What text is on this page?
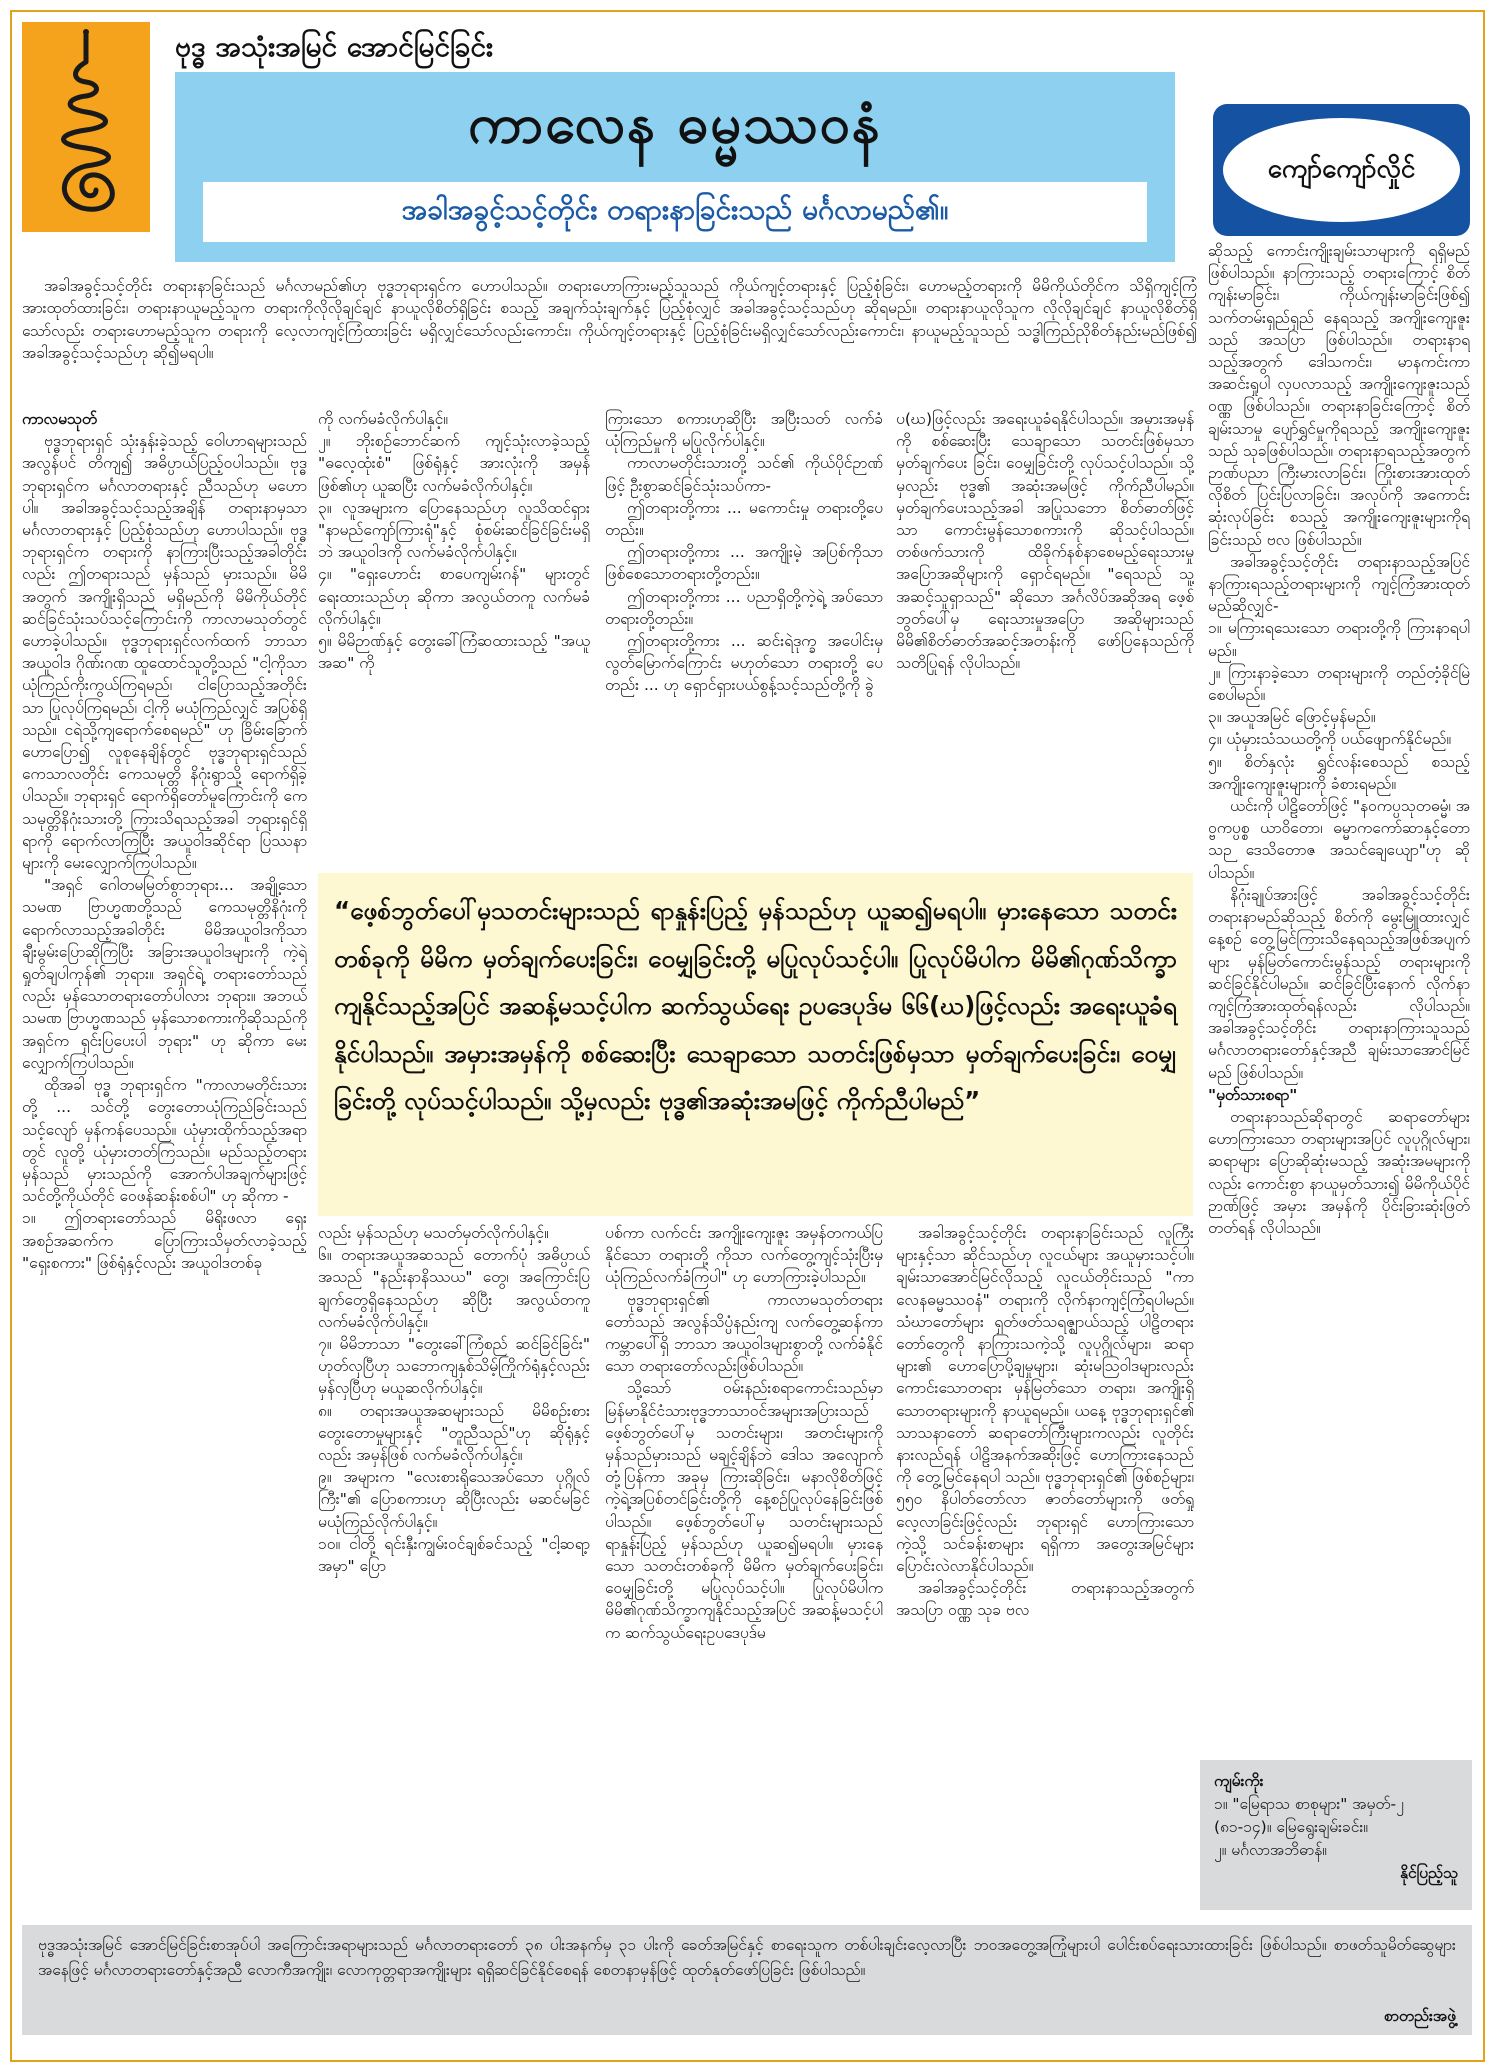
ဗုဒ္ဓ အသုံးအမြင် အောင်မြင်ခြင်း
ကာလေန ဓမ္မဿဝနံ
အခါအခွင့်သင့်တိုင်း တရားနာခြင်းသည် မင်္ဂလာမည်၏။
ကျော်ကျော်လှိုင်

အခါအခွင့်သင့်တိုင်း တရားနာခြင်းသည် မင်္ဂလာမည်၏ဟု ဗုဒ္ဓဘုရားရှင်က ဟောပါသည်။ တရားဟောကြားမည့်သူသည် ကိုယ်ကျင့်တရားနှင့် ပြည့်စုံခြင်း၊ ဟောမည့်တရားကို မိမိကိုယ်တိုင်က သိရှိကျင့်ကြံအားထုတ်ထားခြင်း၊ တရားနာယူမည့်သူက တရားကိုလိုလိုချင်ချင် နာယူလိုစိတ်ရှိခြင်း စသည့် အချက်သုံးချက်နှင့် ပြည့်စုံလျှင် အခါအခွင့်သင့်သည်ဟု ဆိုရမည်။ တရားနာယူလိုသူက လိုလိုချင်ချင် နာယူလိုစိတ်ရှိသော်လည်း တရားဟောမည့်သူက တရားကို လေ့လာကျင့်ကြံထားခြင်း မရှိလျှင်သော်လည်းကောင်း၊ ကိုယ်ကျင့်တရားနှင့် ပြည့်စုံခြင်းမရှိလျှင်သော်လည်းကောင်း၊ နာယူမည့်သူသည် သဒ္ဓါကြည်ညိုစိတ်နည်းမည်ဖြစ်၍ အခါအခွင့်သင့်သည်ဟု ဆို၍မရပါ။

ကာလမသုတ်

ဗုဒ္ဓဘုရားရှင် သုံးနှန်းခဲ့သည့် ဝေါဟာရများသည် အလွန်ပင် တိကျ၍ အဓိပ္ပာယ်ပြည့်ဝပါသည်။ ဗုဒ္ဓဘုရားရှင်က မင်္ဂလာတရားနှင့် ညီသည်ဟု မဟောပါ။ အခါအခွင့်သင့်သည့်အချိန် တရားနာမှသာ မင်္ဂလာတရားနှင့် ပြည့်စုံသည်ဟု ဟောပါသည်။ ဗုဒ္ဓဘုရားရှင်က တရားကို နာကြားပြီးသည့်အခါတိုင်းလည်း ဤတရားသည် မှန်သည် မှားသည်။ မိမိအတွက် အကျိုးရှိသည် မရှိမည်ကို မိမိကိုယ်တိုင် ဆင်ခြင်သုံးသပ်သင့်ကြောင်းကို ကာလာမသုတ်တွင် ဟောခဲ့ပါသည်။ ဗုဒ္ဓဘုရားရှင်လက်ထက် ဘာသာအယူဝါဒ ဂိုဏ်းဂဏ ထူထောင်သူတို့သည် "ငါ့ကိုသာ ယုံကြည်ကိုးကွယ်ကြရမည်၊ ငါပြောသည့်အတိုင်းသာ ပြုလုပ်ကြရမည်၊ ငါ့ကို မယုံကြည်လျှင် အပြစ်ရှိသည်။ ငရဲသို့ကျရောက်စေရမည်" ဟု ခြိမ်းခြောက် ဟောပြော၍ လူစုနေချိန်တွင် ဗုဒ္ဓဘုရားရှင်သည် ကေသာလတိုင်း ကေသမုတ္တိ နိဂုံးရွာသို့ ရောက်ရှိခဲ့ပါသည်။ ဘုရားရှင် ရောက်ရှိတော်မူကြောင်းကို ကေသမုတ္တိနိဂုံးသားတို့ ကြားသိရသည့်အခါ ဘုရားရှင်ရှိရာကို ရောက်လာကြပြီး အယူဝါဒဆိုင်ရာ ပြဿနာများကို မေးလျှောက်ကြပါသည်။

"အရှင် ဂေါတမမြတ်စွာဘုရား... အချို့သော သမဏ ဗြာဟ္မဏတို့သည် ကေသမုတ္တိနိဂုံးကို ရောက်လာသည့်အခါတိုင်း မိမိအယူဝါဒကိုသာ ချီးမွမ်းပြောဆိုကြပြီး အခြားအယူဝါဒများကို ကဲ့ရဲ့ရှုတ်ချပါကုန်၏ ဘုရား။ အရှင်ရဲ့ တရားတော်သည်လည်း မှန်သောတရားတော်ပါလား ဘုရား။ အဘယ် သမဏ ဗြာဟ္မဏသည် မှန်သောစကားကိုဆိုသည်ကို အရှင်က ရှင်းပြပေးပါ ဘုရား" ဟု ဆိုကာ မေးလျှောက်ကြပါသည်။

ထိုအခါ ဗုဒ္ဓ ဘုရားရှင်က "ကာလာမတိုင်းသားတို့ ... သင်တို့ တွေးတောယုံကြည်ခြင်းသည် သင့်လျော် မှန်ကန်ပေသည်။ ယုံမှားထိုက်သည့်အရာတွင် လူတို့ ယုံမှားတတ်ကြသည်။ မည်သည့်တရား မှန်သည် မှားသည်ကို အောက်ပါအချက်များဖြင့် သင်တို့ကိုယ်တိုင် ဝေဖန်ဆန်းစစ်ပါ" ဟု ဆိုကာ -

၁။ ဤတရားတော်သည် မိရိုးဖလာ ရှေးအစဉ်အဆက်က ပြောကြားသိမှတ်လာခဲ့သည့် "ရှေးစကား" ဖြစ်ရုံနှင့်လည်း အယူဝါဒတစ်ခု

ကို လက်မခံလိုက်ပါနှင့်။

၂။ ဘိုးစဉ်ဘောင်ဆက် ကျင့်သုံးလာခဲ့သည့် "ဓလေ့ထုံးစံ" ဖြစ်ရုံနှင့် အားလုံးကို အမှန်ဖြစ်၏ဟု ယူဆပြီး လက်မခံလိုက်ပါနှင့်။

၃။ လူအများက ပြောနေသည်ဟု လူသိထင်ရှား "နာမည်ကျော်ကြားရုံ"နှင့် စုံစမ်းဆင်ခြင်ခြင်းမရှိဘဲ အယူဝါဒကို လက်မခံလိုက်ပါနှင့်။

၄။ "ရှေးဟောင်း စာပေကျမ်းဂန်" များတွင် ရေးထားသည်ဟု ဆိုကာ အလွယ်တကူ လက်မခံလိုက်ပါနှင့်။

၅။ မိမိဉာဏ်နှင့် တွေးခေါ်ကြံဆထားသည့် "အယူအဆ" ကို

ကြားသော စကားဟုဆိုပြီး အပြီးသတ် လက်ခံယုံကြည်မှုကို မပြုလိုက်ပါနှင့်။

ကာလာမတိုင်းသားတို့ သင်၏ ကိုယ်ပိုင်ဉာဏ်ဖြင့် ဦးစွာဆင်ခြင်သုံးသပ်ကာ-

ဤတရားတို့ကား ... မကောင်းမှု တရားတို့ပေတည်း။

ဤတရားတို့ကား ... အကျိုးမဲ့ အပြစ်ကိုသာ ဖြစ်စေသောတရားတို့တည်း။

ဤတရားတို့ကား ... ပညာရှိတို့ကဲ့ရဲ့ အပ်သော တရားတို့တည်း။

ဤတရားတို့ကား ... ဆင်းရဲဒုက္ခ အပေါင်းမှ လွတ်မြောက်ကြောင်း မဟုတ်သော တရားတို့ ပေတည်း ... ဟု ရှောင်ရှားပယ်စွန့်သင့်သည်တို့ကို ခွဲ

ပ(ဃ)ဖြင့်လည်း အရေးယူခံရနိုင်ပါသည်။ အမှားအမှန်ကို စစ်ဆေးပြီး သေချာသော သတင်းဖြစ်မှသာ မှတ်ချက်ပေး ခြင်း၊ ဝေမျှခြင်းတို့ လုပ်သင့်ပါသည်။ သို့မှလည်း ဗုဒ္ဓ၏ အဆုံးအမဖြင့် ကိုက်ညီပါမည်။ မှတ်ချက်ပေးသည့်အခါ အပြုသဘော စိတ်ဓာတ်ဖြင့်သာ ကောင်းမွန်သောစကားကို ဆိုသင့်ပါသည်။ တစ်ဖက်သားကို ထိခိုက်နစ်နာစေမည့်ရေးသားမှု အပြောအဆိုများကို ရှောင်ရမည်။ "ရေသည် သူ့အဆင့်သူရှာသည်" ဆိုသော အင်္ဂလိပ်အဆိုအရ ဖေ့စ်ဘွတ်ပေါ်မှ ရေးသားမှုအပြော အဆိုများသည် မိမိ၏စိတ်ဓာတ်အဆင့်အတန်းကို ဖော်ပြနေသည်ကို သတိပြုရန် လိုပါသည်။

ဆိုသည့် ကောင်းကျိုးချမ်းသာများကို ရရှိမည်ဖြစ်ပါသည်။ နာကြားသည့် တရားကြောင့် စိတ်ကျန်းမာခြင်း၊ ကိုယ်ကျန်းမာခြင်းဖြစ်၍ သက်တမ်းရှည်ရှည် နေရသည့် အကျိုးကျေးဇူးသည် အသပြာ ဖြစ်ပါသည်။ တရားနာရသည့်အတွက် ဒေါသကင်း၊ မာနကင်းကာ အဆင်းရှုပါ လှပလာသည့် အကျိုးကျေးဇူးသည် ဝဏ္ဏ ဖြစ်ပါသည်။ တရားနာခြင်းကြောင့် စိတ်ချမ်းသာမှု ပျော်ရွှင်မှုကိုရသည့် အကျိုးကျေးဇူးသည် သုခဖြစ်ပါသည်။ တရားနာရသည့်အတွက် ဉာဏ်ပညာ ကြီးမားလာခြင်း၊ ကြိုးစားအားထုတ်လိုစိတ် ပြင်းပြလာခြင်း၊ အလုပ်ကို အကောင်းဆုံးလုပ်ခြင်း စသည့် အကျိုးကျေးဇူးများကိုရခြင်းသည် ဗလ ဖြစ်ပါသည်။

အခါအခွင့်သင့်တိုင်း တရားနာသည့်အပြင် နာကြားရသည့်တရားများကို ကျင့်ကြံအားထုတ်မည်ဆိုလျှင်-

၁။ မကြားရသေးသော တရားတို့ကို ကြားနာရပါမည်။

၂။ ကြားနာခဲ့သော တရားများကို တည်တံ့ခိုင်မြဲစေပါမည်။

၃။ အယူအမြင် ဖြောင့်မှန်မည်။

၄။ ယုံမှားသံသယတို့ကို ပယ်ဖျောက်နိုင်မည်။

၅။ စိတ်နှလုံး ရွှင်လန်းစေသည် စသည့် အကျိုးကျေးဇူးများကို ခံစားရမည်။

ယင်းကို ပါဠိတော်ဖြင့် "နဝကပ္ပသုတဓမ္မံ၊ အဝ္ဗကပ္ပစ္စ ယာဝိတော၊ ဓမ္မာကကော်ဆာနှင့်တောသဉ ဒေသိတောဇ အသင်ချေယျော"ဟု ဆိုပါသည်။

နိဂုံးချုပ်အားဖြင့် အခါအခွင့်သင့်တိုင်း တရားနာမည်ဆိုသည့် စိတ်ကို မွေးမြူထားလျှင်နေ့စဉ် တွေ့မြင်ကြားသိနေရသည့်အဖြစ်အပျက်များ မှန်မြတ်ကောင်းမွန်သည့် တရားများကို ဆင်ခြင်နိုင်ပါမည်။ ဆင်ခြင်ပြီးနောက် လိုက်နာကျင့်ကြံအားထုတ်ရန်လည်း လိုပါသည်။ အခါအခွင့်သင့်တိုင်း တရားနာကြားသူသည် မင်္ဂလာတရားတော်နှင့်အညီ ချမ်းသာအောင်မြင်မည် ဖြစ်ပါသည်။

"မှတ်သားစရာ"

တရားနာသည်ဆိုရာတွင် ဆရာတော်များဟောကြားသော တရားများအပြင် လူပုဂ္ဂိုလ်များ၊ ဆရာများ ပြောဆိုဆုံးမသည့် အဆုံးအမများကိုလည်း ကောင်းစွာ နာယူမှတ်သား၍ မိမိကိုယ်ပိုင်ဉာဏ်ဖြင့် အမှား အမှန်ကို ပိုင်းခြားဆုံးဖြတ်တတ်ရန် လိုပါသည်။

“ဖေ့စ်ဘွတ်ပေါ်မှသတင်းများသည် ရာနှုန်းပြည့် မှန်သည်ဟု ယူဆ၍မရပါ။ မှားနေသော သတင်းတစ်ခုကို မိမိက မှတ်ချက်ပေးခြင်း၊ ဝေမျှခြင်းတို့ မပြုလုပ်သင့်ပါ။ ပြုလုပ်မိပါက မိမိ၏ဂုဏ်သိက္ခာကျနိုင်သည့်အပြင် အဆန့်မသင့်ပါက ဆက်သွယ်ရေး ဥပဒေပုဒ်မ ၆၆(ဃ)ဖြင့်လည်း အရေးယူခံရနိုင်ပါသည်။ အမှားအမှန်ကို စစ်ဆေးပြီး သေချာသော သတင်းဖြစ်မှသာ မှတ်ချက်ပေးခြင်း၊ ဝေမျှခြင်းတို့ လုပ်သင့်ပါသည်။ သို့မှလည်း ဗုဒ္ဓ၏အဆုံးအမဖြင့် ကိုက်ညီပါမည်”

လည်း မှန်သည်ဟု မသတ်မှတ်လိုက်ပါနှင့်။

၆။ တရားအယူအဆသည် တောက်ပုံ အဓိပ္ပာယ်အသည် "နည်းနာနိဿယ" တွေ၊ အကြောင်းပြချက်တွေရှိနေသည်ဟု ဆိုပြီး အလွယ်တကူ လက်မခံလိုက်ပါနှင့်။

၇။ မိမိဘာသာ "တွေးခေါ်ကြံစည် ဆင်ခြင်ခြင်း" ဟုတ်လှပြီဟု သဘောကျနှစ်သိမ့်ကြိုက်ရုံနှင့်လည်း မှန်လှပြီဟု မယူဆလိုက်ပါနှင့်။

၈။ တရားအယူအဆများသည် မိမိစဉ်းစား တွေးတောမှုများနှင့် "တူညီသည်"ဟု ဆိုရုံနှင့်လည်း အမှန်ဖြစ် လက်မခံလိုက်ပါနှင့်။

၉။ အများက "လေးစားရိုသေအပ်သော ပုဂ္ဂိုလ်ကြီး"၏ ပြောစကားဟု ဆိုပြီးလည်း မဆင်မခြင် မယုံကြည်လိုက်ပါနှင့်။

၁၀။ ငါတို့ ရင်းနှီးကျွမ်းဝင်ချစ်ခင်သည့် "ငါ့ဆရာ့အမှာ" ပြော

ပစ်ကာ လက်ငင်း အကျိုးကျေးဇူး အမှန်တကယ်ပြနိုင်သော တရားတို့ ကိုသာ လက်တွေ့ကျင့်သုံးပြီးမှ ယုံကြည်လက်ခံကြပါ" ဟု ဟောကြားခဲ့ပါသည်။

ဗုဒ္ဓဘုရားရှင်၏ ကာလာမသုတ်တရားတော်သည် အလွန်သိပ္ပံနည်းကျ လက်တွေ့ဆန်ကာ ကမ္ဘာပေါ်ရှိ ဘာသာ အယူဝါဒများစွာတို့ လက်ခံနိုင်သော တရားတော်လည်းဖြစ်ပါသည်။

သို့သော် ဝမ်းနည်းစရာကောင်းသည်မှာ မြန်မာနိုင်ငံသားဗုဒ္ဓဘာသာဝင်အများအပြားသည် ဖေ့စ်ဘွတ်ပေါ်မှ သတင်းများ၊ အတင်းများကို မှန်သည်မှားသည် မချင့်ချိန်ဘဲ ဒေါသ အလျောက်တုံ့ပြန်ကာ အခုမှ ကြားဆိုခြင်း၊ မနာလိုစိတ်ဖြင့် ကဲ့ရဲ့အပြစ်တင်ခြင်းတို့ကို နေ့စဉ်ပြုလုပ်နေခြင်းဖြစ်ပါသည်။ ဖေ့စ်ဘွတ်ပေါ်မှ သတင်းများသည် ရာနှုန်းပြည့် မှန်သည်ဟု ယူဆ၍မရပါ။ မှားနေသော သတင်းတစ်ခုကို မိမိက မှတ်ချက်ပေးခြင်း၊ ဝေမျှခြင်းတို့ မပြုလုပ်သင့်ပါ။ ပြုလုပ်မိပါက မိမိ၏ဂုဏ်သိက္ခာကျနိုင်သည့်အပြင် အဆန့်မသင့်ပါက ဆက်သွယ်ရေးဥပဒေပုဒ်မ

အခါအခွင့်သင့်တိုင်း တရားနာခြင်းသည် လူကြီးများနှင့်သာ ဆိုင်သည်ဟု လူငယ်များ အယူမှားသင့်ပါ။ ချမ်းသာအောင်မြင်လိုသည့် လူငယ်တိုင်းသည် "ကာလေနဓမ္မဿဝနံ" တရားကို လိုက်နာကျင့်ကြံရပါမည်။ သံဃာတော်များ ရှတ်ဖတ်သရဇ္ဈာယ်သည့် ပါဠိတရားတော်တွေကို နာကြားသကဲ့သို့ လူပုဂ္ဂိုလ်များ၊ ဆရာများ၏ ဟောပြောပို့ချမှုများ၊ ဆုံးမသြဝါဒများလည်း ကောင်းသောတရား မှန်မြတ်သော တရား၊ အကျိုးရှိသောတရားများကို နာယူရမည်။ ယနေ့ ဗုဒ္ဓဘုရားရှင်၏ သာသနာတော် ဆရာတော်ကြီးများကလည်း လူတိုင်းနားလည်ရန် ပါဠိအနက်အဆိုးဖြင့် ဟောကြားနေသည်ကို တွေ့မြင်နေရပါ သည်။ ဗုဒ္ဓဘုရားရှင်၏ ဖြစ်စဉ်များ၊ ၅၅ဝ နိပါတ်တော်လာ ဇာတ်တော်များကို ဖတ်ရှုလေ့လာခြင်းဖြင့်လည်း ဘုရားရှင် ဟောကြားသောကဲ့သို့ သင်ခန်းစာများ ရရှိကာ အတွေးအမြင်များ ပြောင်းလဲလာနိုင်ပါသည်။

အခါအခွင့်သင့်တိုင်း တရားနာသည့်အတွက် အသပြာ ဝဏ္ဏ သုခ ဗလ

ကျမ်းကိုး
၁။ "မြေရာသ စာစုများ" အမှတ်-၂ (၈၁-၁၄)။ မြေရွေးချမ်းခင်း။
၂။ မင်္ဂလာအဘိဓာန်။
နိုင်ပြည့်သူ
ဗုဒ္ဓအသုံးအမြင် အောင်မြင်ခြင်းစာအုပ်ပါ အကြောင်းအရာများသည် မင်္ဂလာတရားတော် ၃၈ ပါးအနက်မှ ၃၁ ပါးကို ခေတ်အမြင်နှင့် စာရေးသူက တစ်ပါးချင်းလေ့လာပြီး ဘဝအတွေ့အကြုံများပါ ပေါင်းစပ်ရေးသားထားခြင်း ဖြစ်ပါသည်။ စာဖတ်သူမိတ်ဆွေများ အနေဖြင့် မင်္ဂလာတရားတော်နှင့်အညီ လောကီအကျိုး၊ လောကုတ္တရာအကျိုးများ ရရှိဆင်ခြင်နိုင်စေရန် စေတနာမှန်ဖြင့် ထုတ်နုတ်ဖော်ပြခြင်း ဖြစ်ပါသည်။
စာတည်းအဖွဲ့
